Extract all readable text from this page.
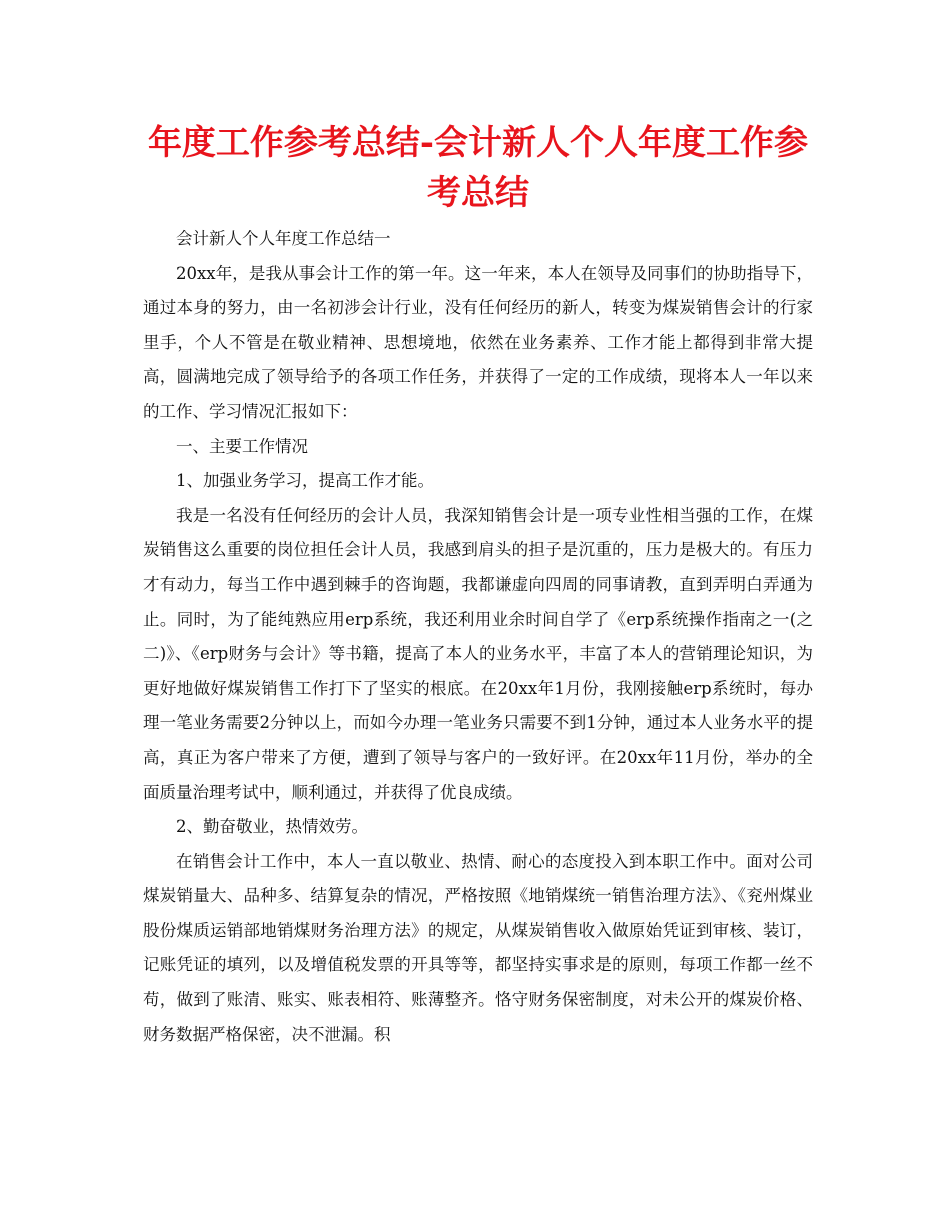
年度工作参考总结-会计新人个人年度工作参考总结

会计新人个人年度工作总结一

20xx年，是我从事会计工作的第一年。这一年来，本人在领导及同事们的协助指导下，通过本身的努力，由一名初涉会计行业，没有任何经历的新人，转变为煤炭销售会计的行家里手，个人不管是在敬业精神、思想境地，依然在业务素养、工作才能上都得到非常大提高，圆满地完成了领导给予的各项工作任务，并获得了一定的工作成绩，现将本人一年以来的工作、学习情况汇报如下：

一、主要工作情况

1、加强业务学习，提高工作才能。

我是一名没有任何经历的会计人员，我深知销售会计是一项专业性相当强的工作，在煤炭销售这么重要的岗位担任会计人员，我感到肩头的担子是沉重的，压力是极大的。有压力才有动力，每当工作中遇到棘手的咨询题，我都谦虚向四周的同事请教，直到弄明白弄通为止。同时，为了能纯熟应用erp系统，我还利用业余时间自学了《erp系统操作指南之一(之二)》、《erp财务与会计》等书籍，提高了本人的业务水平，丰富了本人的营销理论知识，为更好地做好煤炭销售工作打下了坚实的根底。在20xx年1月份，我刚接触erp系统时，每办理一笔业务需要2分钟以上，而如今办理一笔业务只需要不到1分钟，通过本人业务水平的提高，真正为客户带来了方便，遭到了领导与客户的一致好评。在20xx年11月份，举办的全面质量治理考试中，顺利通过，并获得了优良成绩。

2、勤奋敬业，热情效劳。

在销售会计工作中，本人一直以敬业、热情、耐心的态度投入到本职工作中。面对公司煤炭销量大、品种多、结算复杂的情况，严格按照《地销煤统一销售治理方法》、《兖州煤业股份煤质运销部地销煤财务治理方法》的规定，从煤炭销售收入做原始凭证到审核、装订，记账凭证的填列，以及增值税发票的开具等等，都坚持实事求是的原则，每项工作都一丝不苟，做到了账清、账实、账表相符、账薄整齐。恪守财务保密制度，对未公开的煤炭价格、财务数据严格保密，决不泄漏。积
